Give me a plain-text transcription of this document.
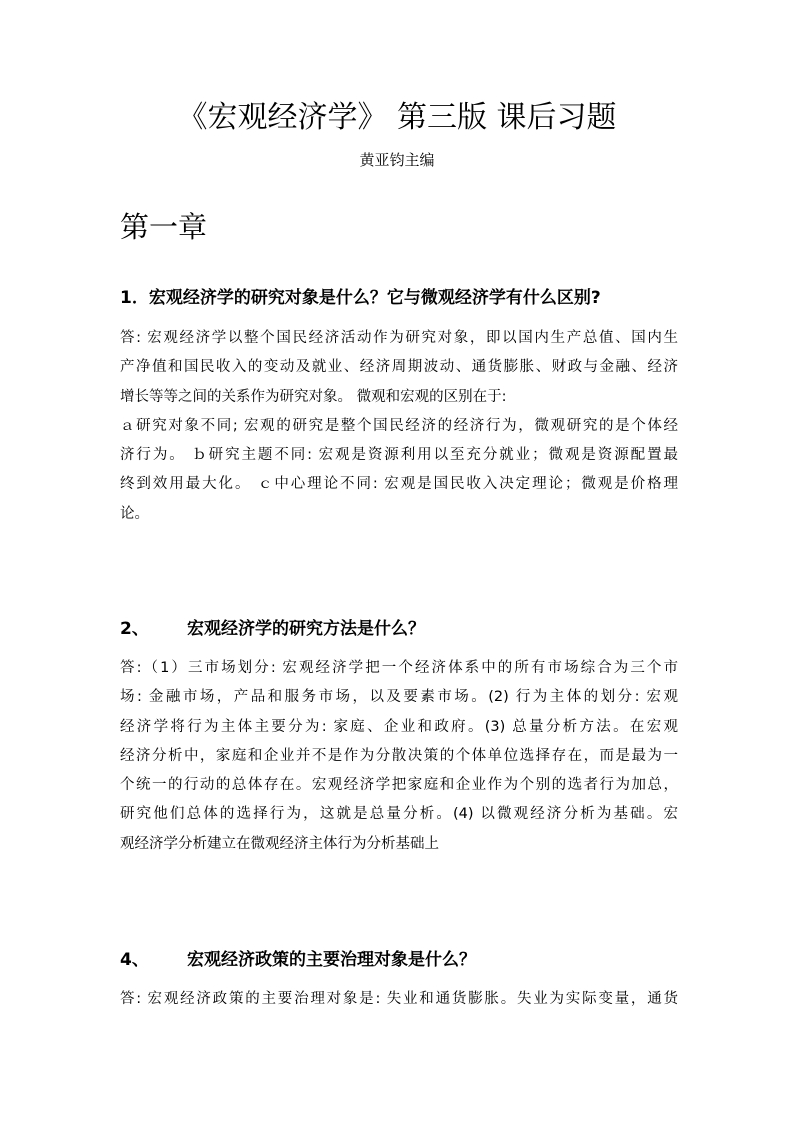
《宏观经济学》 第三版 课后习题
黄亚钧主编
第一章
1．宏观经济学的研究对象是什么？它与微观经济学有什么区别?
答: 宏观经济学以整个国民经济活动作为研究对象，即以国内生产总值、国内生
产净值和国民收入的变动及就业、经济周期波动、通货膨胀、财政与金融、经济
增长等等之间的关系作为研究对象。 微观和宏观的区别在于:
ａ研究对象不同; 宏观的研究是整个国民经济的经济行为，微观研究的是个体经
济行为。 ｂ研究主题不同: 宏观是资源利用以至充分就业；微观是资源配置最
终到效用最大化。 ｃ中心理论不同: 宏观是国民收入决定理论；微观是价格理
论。
2、 宏观经济学的研究方法是什么？
答:（1）三市场划分: 宏观经济学把一个经济体系中的所有市场综合为三个市
场: 金融市场，产品和服务市场，以及要素市场。(2) 行为主体的划分: 宏观
经济学将行为主体主要分为: 家庭、企业和政府。(3) 总量分析方法。在宏观
经济分析中，家庭和企业并不是作为分散决策的个体单位选择存在，而是最为一
个统一的行动的总体存在。宏观经济学把家庭和企业作为个别的选者行为加总，
研究他们总体的选择行为，这就是总量分析。(4) 以微观经济分析为基础。宏
观经济学分析建立在微观经济主体行为分析基础上
4、 宏观经济政策的主要治理对象是什么？
答: 宏观经济政策的主要治理对象是: 失业和通货膨胀。失业为实际变量，通货
